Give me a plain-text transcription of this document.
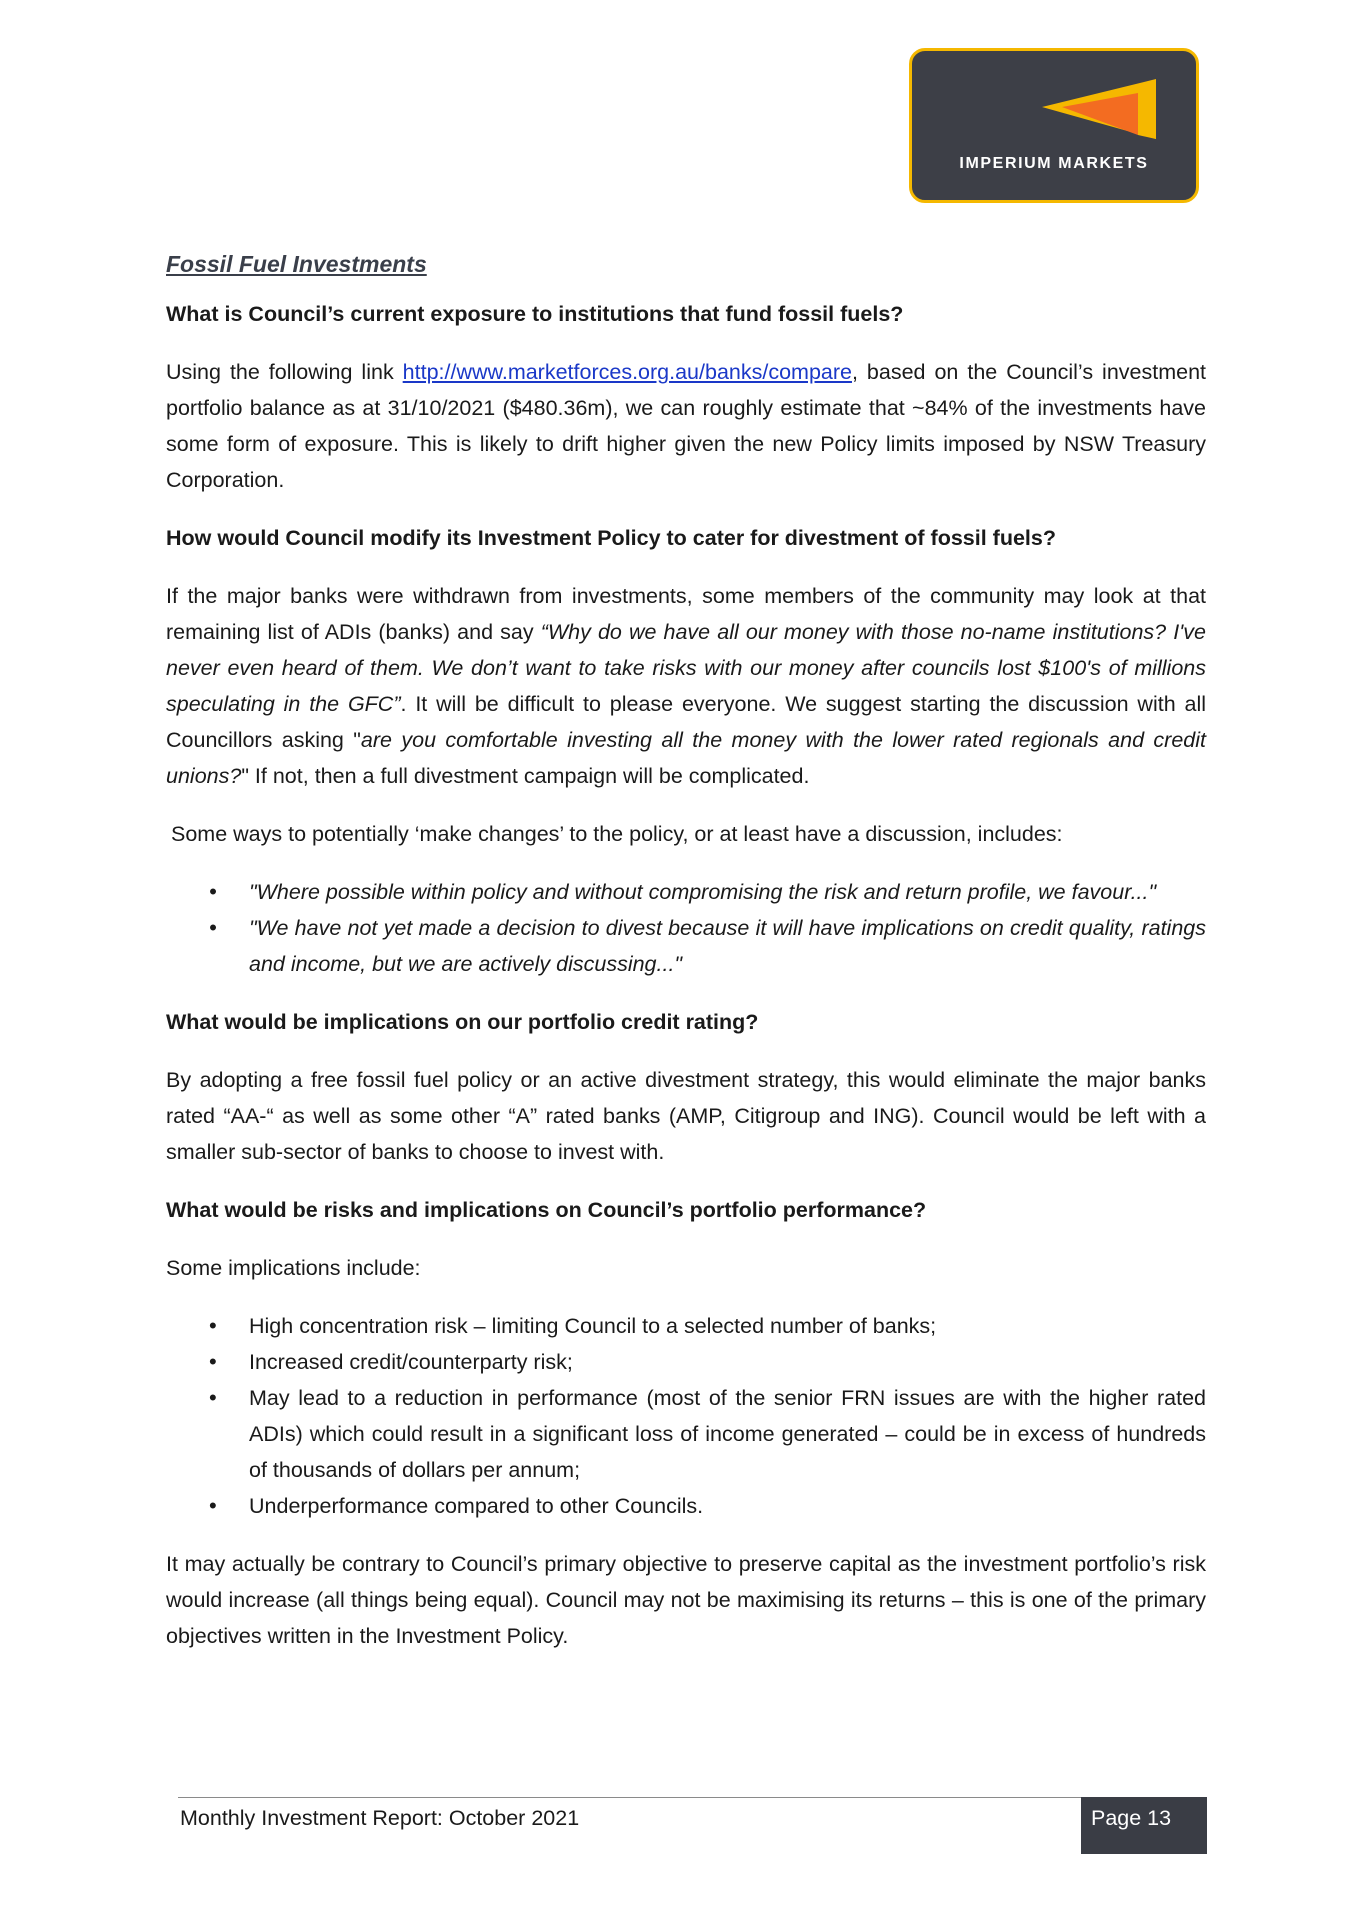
IMPERIUM MARKETS

Fossil Fuel Investments

What is Council’s current exposure to institutions that fund fossil fuels?

Using the following link http://www.marketforces.org.au/banks/compare, based on the Council’s investment portfolio balance as at 31/10/2021 ($480.36m), we can roughly estimate that ~84% of the investments have some form of exposure. This is likely to drift higher given the new Policy limits imposed by NSW Treasury Corporation.

How would Council modify its Investment Policy to cater for divestment of fossil fuels?

If the major banks were withdrawn from investments, some members of the community may look at that remaining list of ADIs (banks) and say “Why do we have all our money with those no-name institutions? I've never even heard of them. We don’t want to take risks with our money after councils lost $100's of millions speculating in the GFC”. It will be difficult to please everyone. We suggest starting the discussion with all Councillors asking "are you comfortable investing all the money with the lower rated regionals and credit unions?" If not, then a full divestment campaign will be complicated.

Some ways to potentially ‘make changes’ to the policy, or at least have a discussion, includes:

• "Where possible within policy and without compromising the risk and return profile, we favour..."
• "We have not yet made a decision to divest because it will have implications on credit quality, ratings and income, but we are actively discussing..."

What would be implications on our portfolio credit rating?

By adopting a free fossil fuel policy or an active divestment strategy, this would eliminate the major banks rated “AA-“ as well as some other “A” rated banks (AMP, Citigroup and ING). Council would be left with a smaller sub-sector of banks to choose to invest with.

What would be risks and implications on Council’s portfolio performance?

Some implications include:

• High concentration risk – limiting Council to a selected number of banks;
• Increased credit/counterparty risk;
• May lead to a reduction in performance (most of the senior FRN issues are with the higher rated ADIs) which could result in a significant loss of income generated – could be in excess of hundreds of thousands of dollars per annum;
• Underperformance compared to other Councils.

It may actually be contrary to Council’s primary objective to preserve capital as the investment portfolio’s risk would increase (all things being equal). Council may not be maximising its returns – this is one of the primary objectives written in the Investment Policy.

Monthly Investment Report: October 2021	Page 13
